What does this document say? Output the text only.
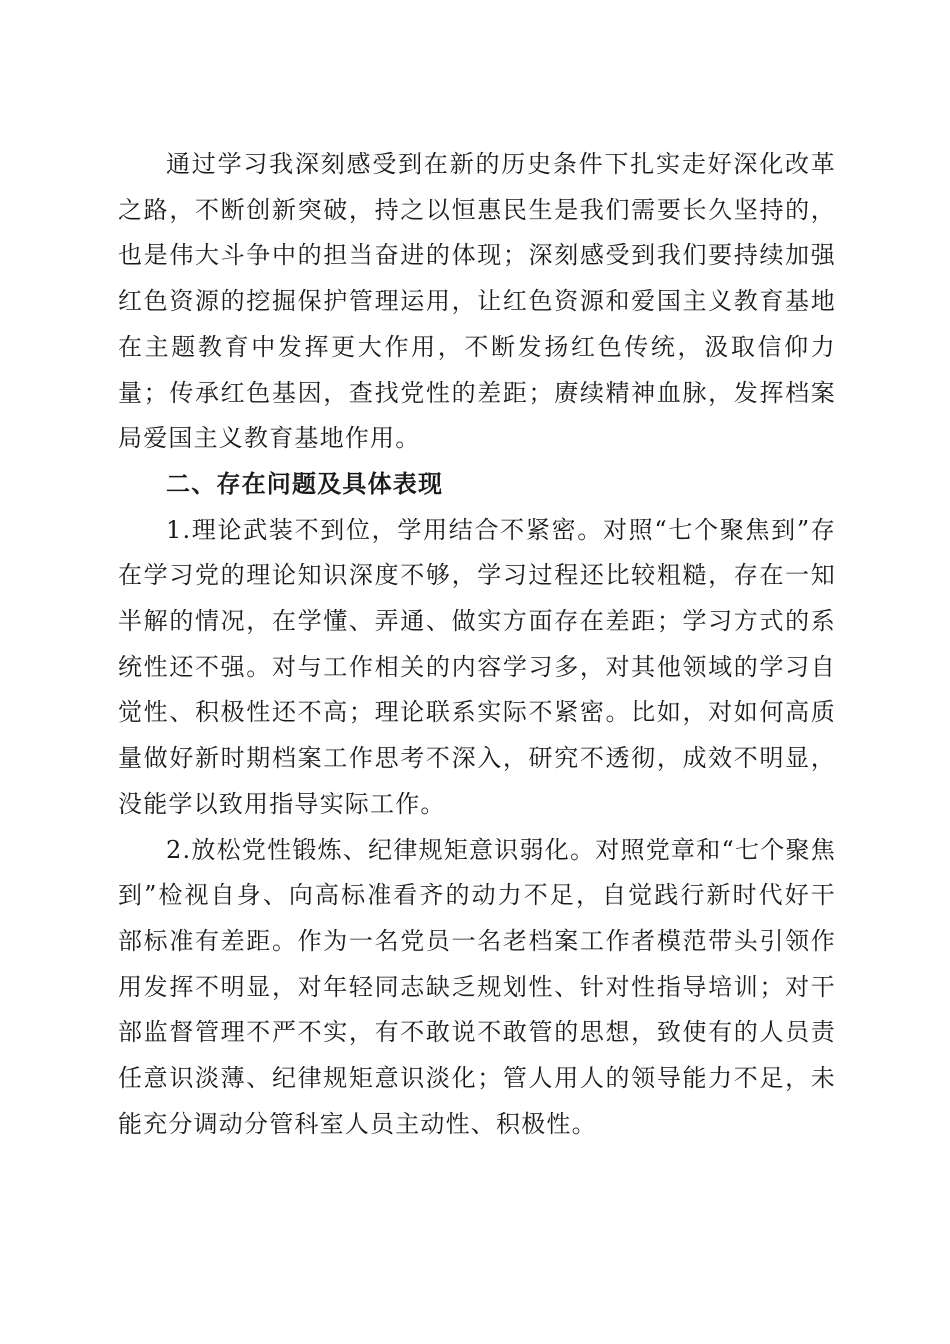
通过学习我深刻感受到在新的历史条件下扎实走好深化改革之路，不断创新突破，持之以恒惠民生是我们需要长久坚持的，也是伟大斗争中的担当奋进的体现；深刻感受到我们要持续加强红色资源的挖掘保护管理运用，让红色资源和爱国主义教育基地在主题教育中发挥更大作用，不断发扬红色传统，汲取信仰力量；传承红色基因，查找党性的差距；赓续精神血脉，发挥档案局爱国主义教育基地作用。

二、存在问题及具体表现

1.理论武装不到位，学用结合不紧密。对照“七个聚焦到”存在学习党的理论知识深度不够，学习过程还比较粗糙，存在一知半解的情况，在学懂、弄通、做实方面存在差距；学习方式的系统性还不强。对与工作相关的内容学习多，对其他领域的学习自觉性、积极性还不高；理论联系实际不紧密。比如，对如何高质量做好新时期档案工作思考不深入，研究不透彻，成效不明显，没能学以致用指导实际工作。

2.放松党性锻炼、纪律规矩意识弱化。对照党章和“七个聚焦到”检视自身、向高标准看齐的动力不足，自觉践行新时代好干部标准有差距。作为一名党员一名老档案工作者模范带头引领作用发挥不明显，对年轻同志缺乏规划性、针对性指导培训；对干部监督管理不严不实，有不敢说不敢管的思想，致使有的人员责任意识淡薄、纪律规矩意识淡化；管人用人的领导能力不足，未能充分调动分管科室人员主动性、积极性。
